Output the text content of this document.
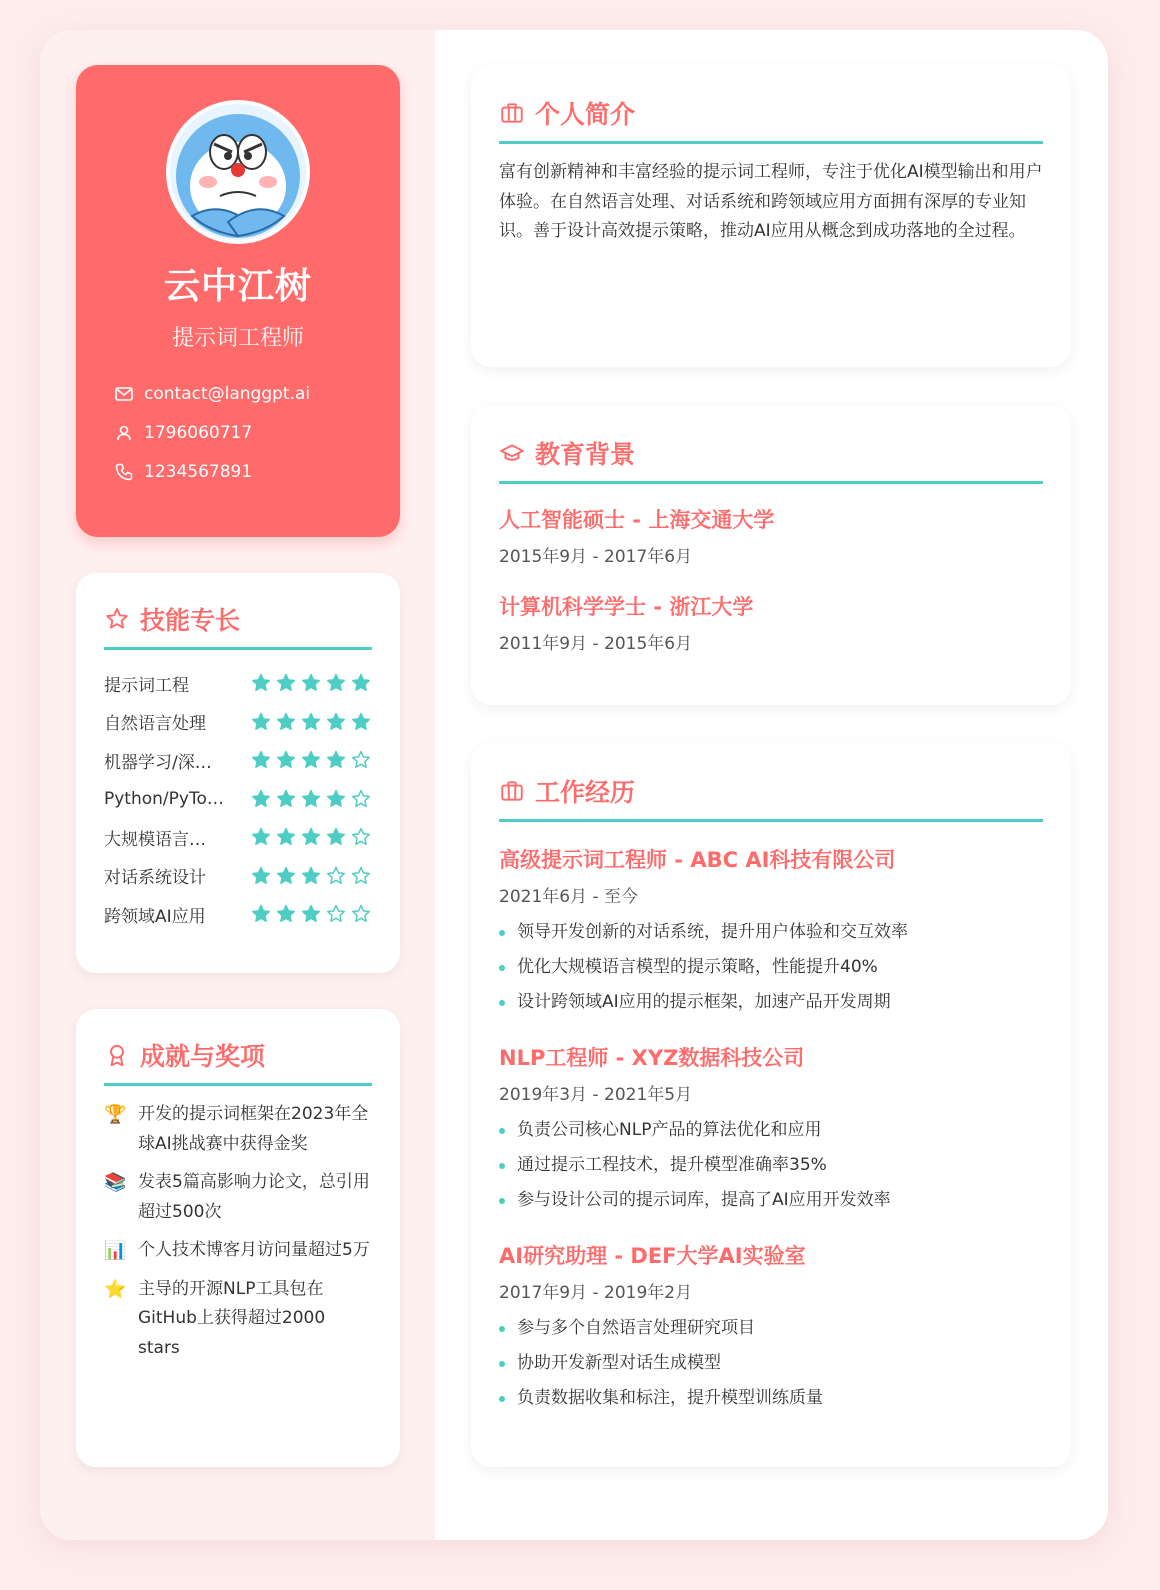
云中江树
提示词工程师
contact@langgpt.ai
1796060717
1234567891
技能专长
提示词工程
自然语言处理
机器学习/深…
Python/PyTo…
大规模语言…
对话系统设计
跨领域AI应用
成就与奖项
🏆 开发的提示词框架在2023年全球AI挑战赛中获得金奖
📚 发表5篇高影响力论文，总引用超过500次
📊 个人技术博客月访问量超过5万
⭐ 主导的开源NLP工具包在GitHub上获得超过2000 stars
个人简介

富有创新精神和丰富经验的提示词工程师，专注于优化AI模型输出和用户体验。在自然语言处理、对话系统和跨领域应用方面拥有深厚的专业知识。善于设计高效提示策略，推动AI应用从概念到成功落地的全过程。

教育背景
人工智能硕士 - 上海交通大学
2015年9月 - 2017年6月
计算机科学学士 - 浙江大学
2011年9月 - 2015年6月
工作经历
高级提示词工程师 - ABC AI科技有限公司
2021年6月 - 至今
领导开发创新的对话系统，提升用户体验和交互效率
优化大规模语言模型的提示策略，性能提升40%
设计跨领域AI应用的提示框架，加速产品开发周期
NLP工程师 - XYZ数据科技公司
2019年3月 - 2021年5月
负责公司核心NLP产品的算法优化和应用
通过提示工程技术，提升模型准确率35%
参与设计公司的提示词库，提高了AI应用开发效率
AI研究助理 - DEF大学AI实验室
2017年9月 - 2019年2月
参与多个自然语言处理研究项目
协助开发新型对话生成模型
负责数据收集和标注，提升模型训练质量
